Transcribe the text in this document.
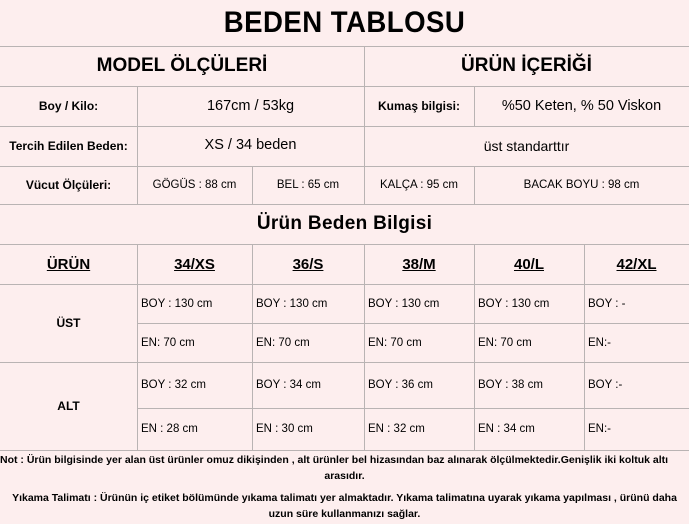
BEDEN TABLOSU
MODEL ÖLÇÜLERİ	ÜRÜN İÇERİĞİ
Boy / Kilo:	167cm / 53kg	Kumaş bilgisi:	%50 Keten, % 50 Viskon
Tercih Edilen Beden:	XS / 34 beden	üst standarttır
Vücut Ölçüleri:	GÖGÜS : 88 cm	BEL : 65 cm	KALÇA : 95 cm	BACAK BOYU : 98 cm
Ürün Beden Bilgisi
ÜRÜN	34/XS	36/S	38/M	40/L	42/XL
ÜST
BOY : 130 cm	BOY : 130 cm	BOY : 130 cm	BOY : 130 cm	BOY : -
EN: 70 cm	EN: 70 cm	EN: 70 cm	EN: 70 cm	EN:-
ALT
BOY : 32 cm	BOY : 34 cm	BOY : 36 cm	BOY : 38 cm	BOY :-
EN : 28 cm	EN : 30 cm	EN : 32 cm	EN : 34 cm	EN:-
Not : Ürün bilgisinde yer alan üst ürünler omuz dikişinden , alt ürünler bel hizasından baz alınarak ölçülmektedir.Genişlik iki koltuk altı
arasıdır.
Yıkama Talimatı : Ürünün iç etiket bölümünde yıkama talimatı yer almaktadır. Yıkama talimatına uyarak yıkama yapılması , ürünü daha uzun süre kullanmanızı sağlar.
